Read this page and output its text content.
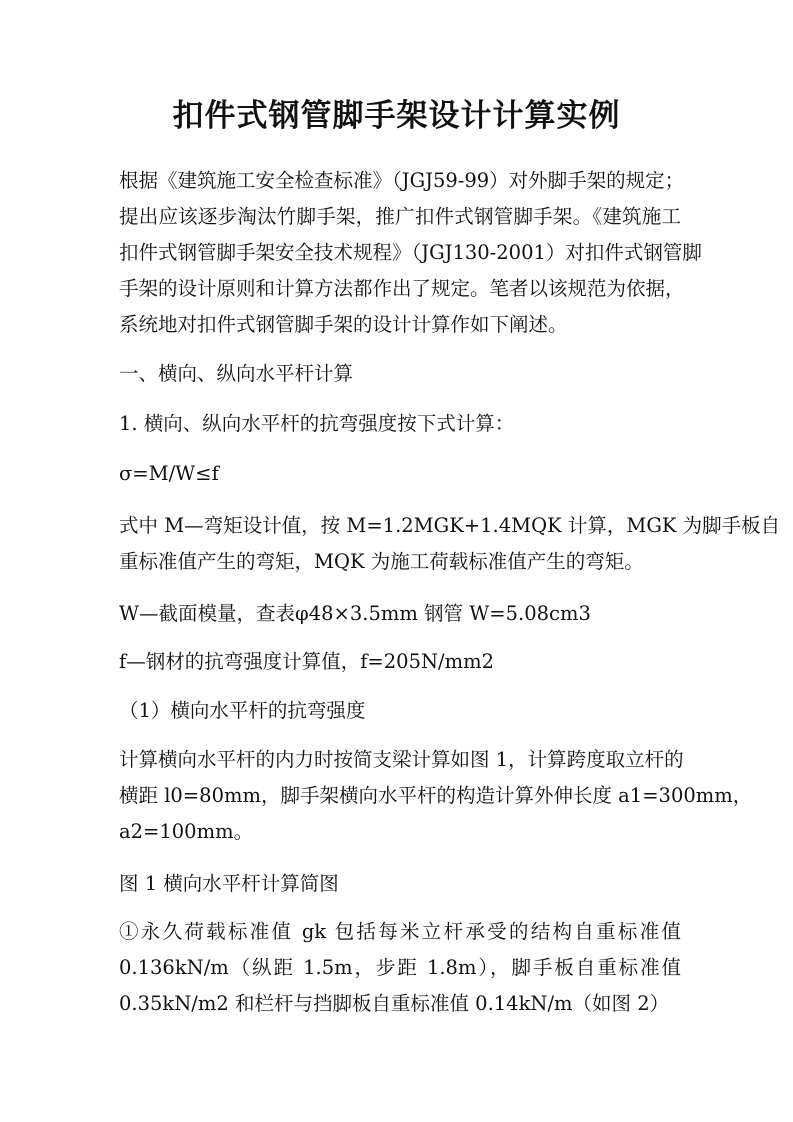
扣件式钢管脚手架设计计算实例
根据《建筑施工安全检查标准》（JGJ59-99）对外脚手架的规定；
提出应该逐步淘汰竹脚手架，推广扣件式钢管脚手架。《建筑施工
扣件式钢管脚手架安全技术规程》（JGJ130-2001）对扣件式钢管脚
手架的设计原则和计算方法都作出了规定。笔者以该规范为依据，
系统地对扣件式钢管脚手架的设计计算作如下阐述。
一、横向、纵向水平杆计算
1. 横向、纵向水平杆的抗弯强度按下式计算：
σ=M/W≤f
式中 M—弯矩设计值，按 M=1.2MGK+1.4MQK 计算，MGK 为脚手板自
重标准值产生的弯矩，MQK 为施工荷载标准值产生的弯矩。
W—截面模量，查表φ48×3.5mm 钢管 W=5.08cm3
f—钢材的抗弯强度计算值，f=205N/mm2
（1）横向水平杆的抗弯强度
计算横向水平杆的内力时按简支梁计算如图 1，计算跨度取立杆的
横距 l0=80mm，脚手架横向水平杆的构造计算外伸长度 a1=300mm，
a2=100mm。
图 1 横向水平杆计算简图
①永久荷载标准值 gk 包括每米立杆承受的结构自重标准值
0.136kN/m（纵距 1.5m，步距 1.8m），脚手板自重标准值
0.35kN/m2 和栏杆与挡脚板自重标准值 0.14kN/m（如图 2）
